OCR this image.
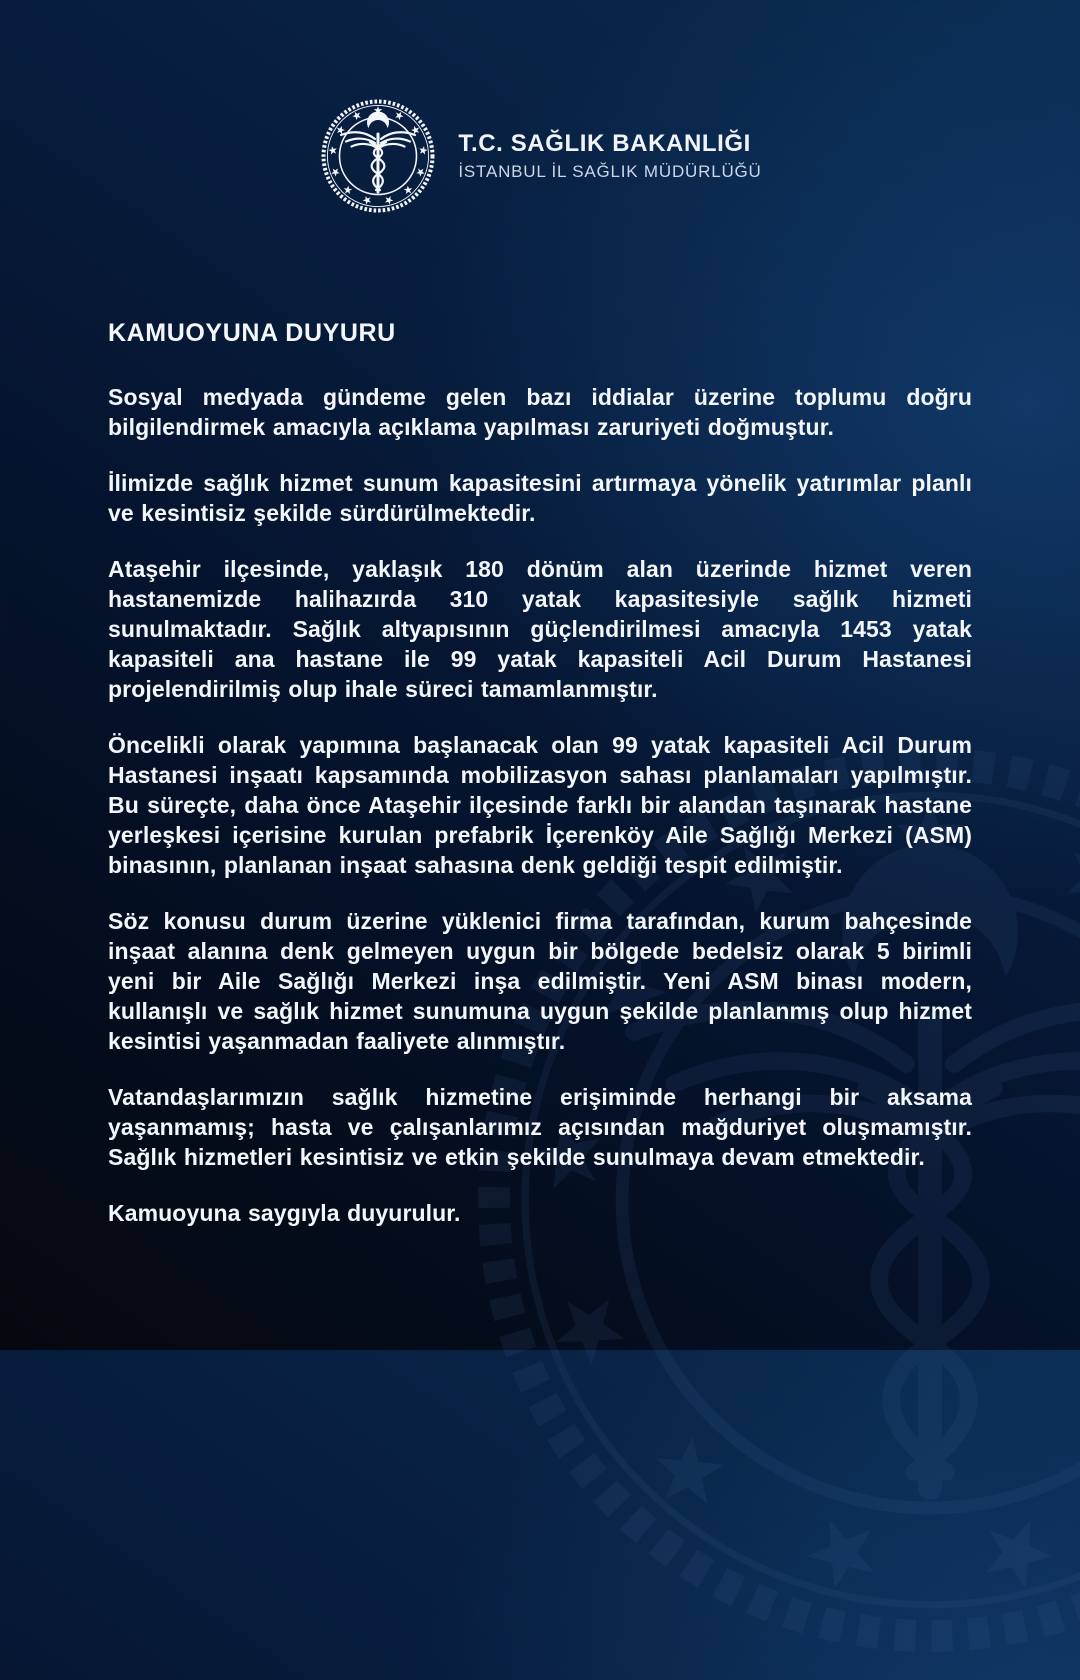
T.C. SAĞLIK BAKANLIĞI
İSTANBUL İL SAĞLIK MÜDÜRLÜĞÜ
KAMUOYUNA DUYURU

Sosyal medyada gündeme gelen bazı iddialar üzerine toplumu doğru bilgilendirmek amacıyla açıklama yapılması zaruriyeti doğmuştur.

İlimizde sağlık hizmet sunum kapasitesini artırmaya yönelik yatırımlar planlı ve kesintisiz şekilde sürdürülmektedir.

Ataşehir ilçesinde, yaklaşık 180 dönüm alan üzerinde hizmet veren hastanemizde halihazırda 310 yatak kapasitesiyle sağlık hizmeti sunulmaktadır. Sağlık altyapısının güçlendirilmesi amacıyla 1453 yatak kapasiteli ana hastane ile 99 yatak kapasiteli Acil Durum Hastanesi projelendirilmiş olup ihale süreci tamamlanmıştır.

Öncelikli olarak yapımına başlanacak olan 99 yatak kapasiteli Acil Durum Hastanesi inşaatı kapsamında mobilizasyon sahası planlamaları yapılmıştır. Bu süreçte, daha önce Ataşehir ilçesinde farklı bir alandan taşınarak hastane yerleşkesi içerisine kurulan prefabrik İçerenköy Aile Sağlığı Merkezi (ASM) binasının, planlanan inşaat sahasına denk geldiği tespit edilmiştir.

Söz konusu durum üzerine yüklenici firma tarafından, kurum bahçesinde inşaat alanına denk gelmeyen uygun bir bölgede bedelsiz olarak 5 birimli yeni bir Aile Sağlığı Merkezi inşa edilmiştir. Yeni ASM binası modern, kullanışlı ve sağlık hizmet sunumuna uygun şekilde planlanmış olup hizmet kesintisi yaşanmadan faaliyete alınmıştır.

Vatandaşlarımızın sağlık hizmetine erişiminde herhangi bir aksama yaşanmamış; hasta ve çalışanlarımız açısından mağduriyet oluşmamıştır. Sağlık hizmetleri kesintisiz ve etkin şekilde sunulmaya devam etmektedir.

Kamuoyuna saygıyla duyurulur.
